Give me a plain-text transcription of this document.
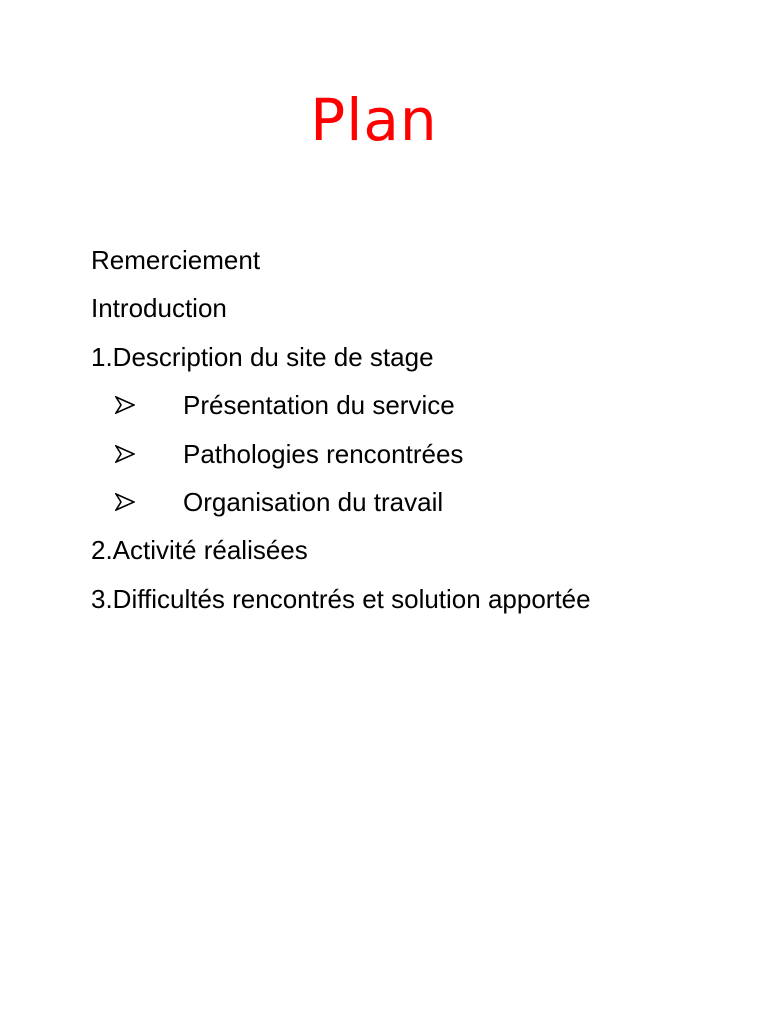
Plan
Remerciement
Introduction
1.Description du site de stage
Présentation du service
Pathologies rencontrées
Organisation du travail
2.Activité réalisées
3.Difficultés rencontrés et solution apportée
